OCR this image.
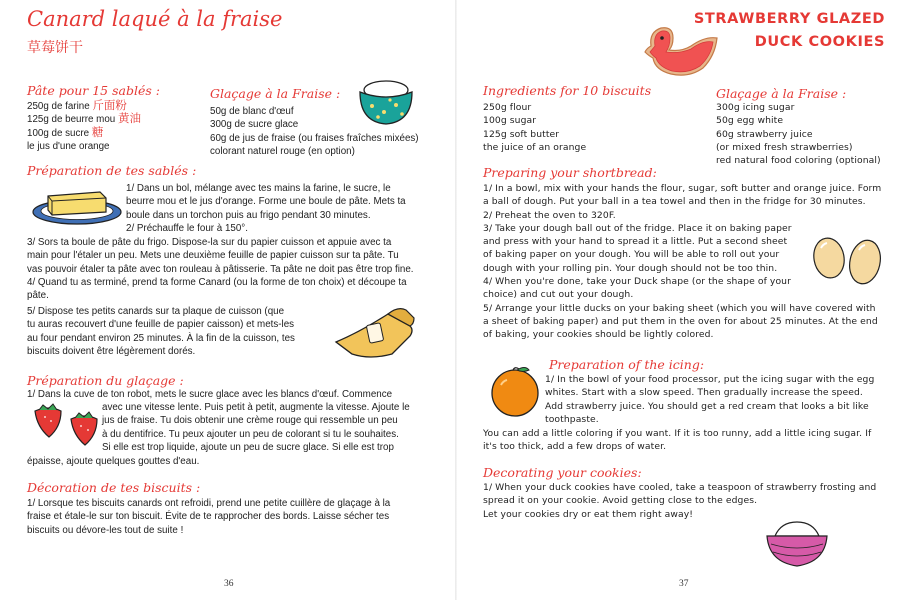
Canard laqué à la fraise
草莓饼干
Pâte pour 15 sablés :
250g de farine 斤面粉
125g de beurre mou 黄油
100g de sucre 糖
le jus d'une orange
Glaçage à la Fraise :
50g de blanc d'œuf
300g de sucre glace
60g de jus de fraise (ou fraises fraîches mixées)
colorant naturel rouge (en option)
Préparation de tes sablés :
1/ Dans un bol, mélange avec tes mains la farine, le sucre, le
beurre mou et le jus d'orange. Forme une boule de pâte. Mets ta
boule dans un torchon puis au frigo pendant 30 minutes.
2/ Préchauffe le four à 150°.
3/ Sors ta boule de pâte du frigo. Dispose-la sur du papier cuisson et appuie avec ta
main pour l'étaler un peu. Mets une deuxième feuille de papier cuisson sur ta pâte. Tu
vas pouvoir étaler ta pâte avec ton rouleau à pâtisserie. Ta pâte ne doit pas être trop fine.
4/ Quand tu as terminé, prend ta forme Canard (ou la forme de ton choix) et découpe ta
pâte.
5/ Dispose tes petits canards sur ta plaque de cuisson (que
tu auras recouvert d'une feuille de papier caisson) et mets-les
au four pendant environ 25 minutes. À la fin de la cuisson, tes
biscuits doivent être légèrement dorés.
Préparation du glaçage :
1/ Dans la cuve de ton robot, mets le sucre glace avec les blancs d'œuf. Commence
avec une vitesse lente. Puis petit à petit, augmente la vitesse. Ajoute le
jus de fraise. Tu dois obtenir une crème rouge qui ressemble un peu
à du dentifrice. Tu peux ajouter un peu de colorant si tu le souhaites.
Si elle est trop liquide, ajoute un peu de sucre glace. Si elle est trop
épaisse, ajoute quelques gouttes d'eau.
Décoration de tes biscuits :
1/ Lorsque tes biscuits canards ont refroidi, prend une petite cuillère de glaçage à la
fraise et étale-le sur ton biscuit. Évite de te rapprocher des bords. Laisse sécher tes
biscuits ou dévore-les tout de suite !
36
STRAWBERRY GLAZED
DUCK COOKIES
Ingredients for 10 biscuits
250g flour
100g sugar
125g soft butter
the juice of an orange
Glaçage à la Fraise :
300g icing sugar
50g egg white
60g strawberry juice
(or mixed fresh strawberries)
red natural food coloring (optional)
Preparing your shortbread:
1/ In a bowl, mix with your hands the flour, sugar, soft butter and orange juice. Form
a ball of dough. Put your ball in a tea towel and then in the fridge for 30 minutes.
2/ Preheat the oven to 320F.
3/ Take your dough ball out of the fridge. Place it on baking paper
and press with your hand to spread it a little. Put a second sheet
of baking paper on your dough. You will be able to roll out your
dough with your rolling pin. Your dough should not be too thin.
4/ When you're done, take your Duck shape (or the shape of your
choice) and cut out your dough.
5/ Arrange your little ducks on your baking sheet (which you will have covered with
a sheet of baking paper) and put them in the oven for about 25 minutes. At the end
of baking, your cookies should be lightly colored.
Preparation of the icing:
1/ In the bowl of your food processor, put the icing sugar with the egg
whites. Start with a slow speed. Then gradually increase the speed.
Add strawberry juice. You should get a red cream that looks a bit like
toothpaste.
You can add a little coloring if you want. If it is too runny, add a little icing sugar. If
it's too thick, add a few drops of water.
Decorating your cookies:
1/ When your duck cookies have cooled, take a teaspoon of strawberry frosting and
spread it on your cookie. Avoid getting close to the edges.
Let your cookies dry or eat them right away!
37
